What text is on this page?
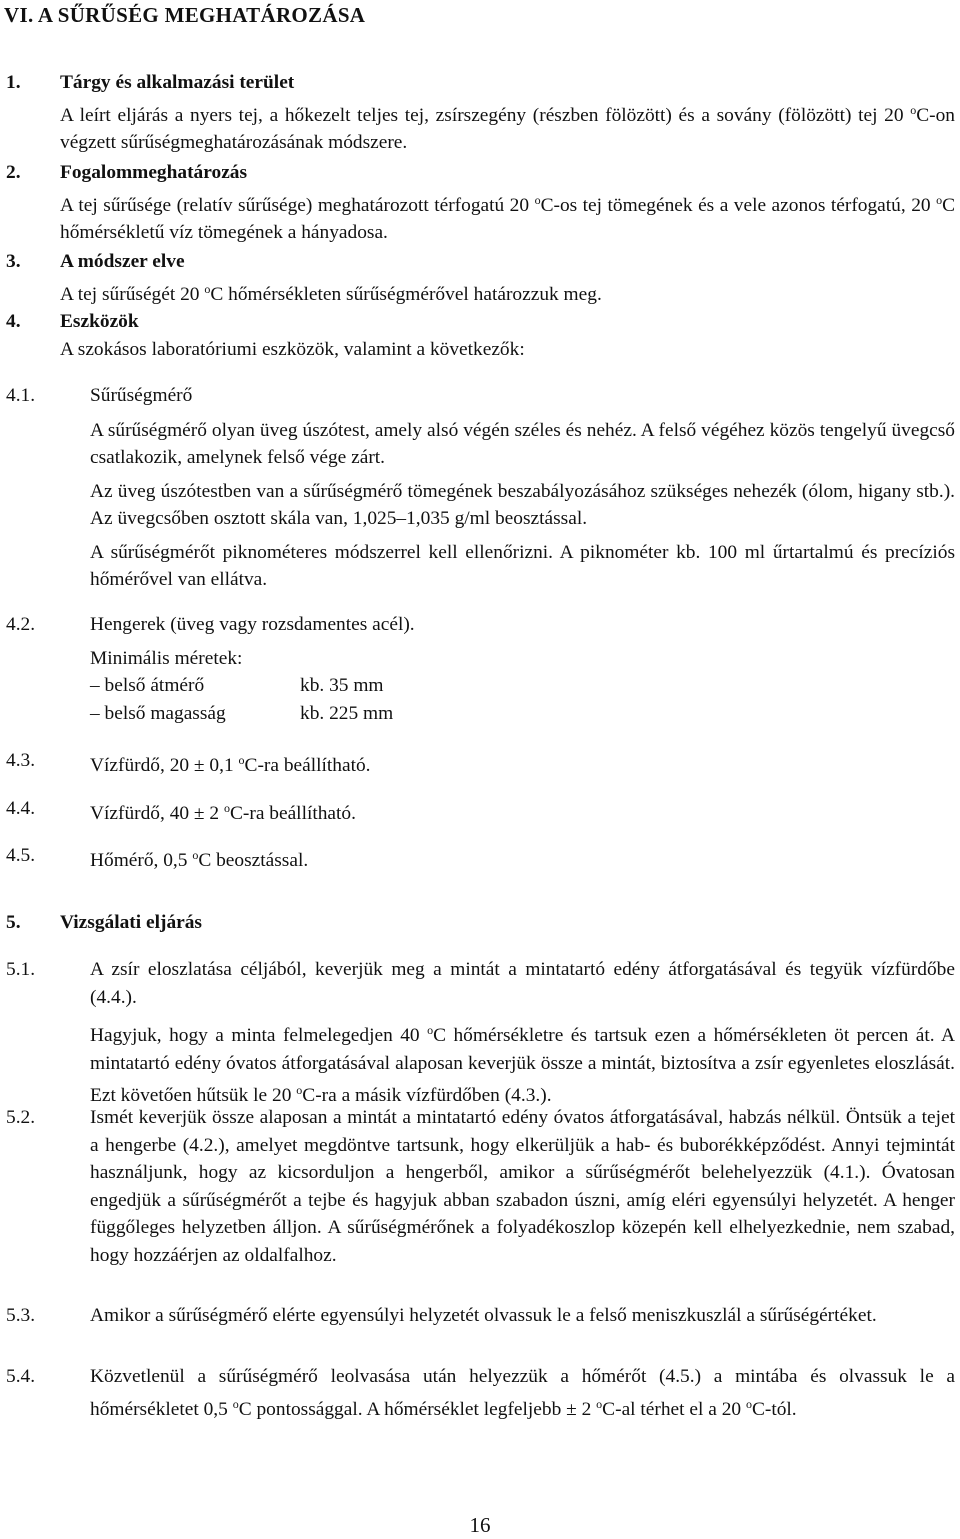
VI. A SŰRŰSÉG MEGHATÁROZÁSA
1. Tárgy és alkalmazási terület
A leírt eljárás a nyers tej, a hőkezelt teljes tej, zsírszegény (részben fölözött) és a sovány (fölözött) tej 20 $^o$C-on végzett sűrűségmeghatározásának módszere.
2. Fogalommeghatározás
A tej sűrűsége (relatív sűrűsége) meghatározott térfogatú 20 $^o$C-os tej tömegének és a vele azonos térfogatú, 20 $^o$C hőmérsékletű víz tömegének a hányadosa.
3. A módszer elve
A tej sűrűségét 20 $^o$C hőmérsékleten sűrűségmérővel határozzuk meg.
4. Eszközök
A szokásos laboratóriumi eszközök, valamint a következők:
4.1.	Sűrűségmérő
A sűrűségmérő olyan üveg úszótest, amely alsó végén széles és nehéz. A felső végéhez közös tengelyű üvegcső csatlakozik, amelynek felső vége zárt.
Az üveg úszótestben van a sűrűségmérő tömegének beszabályozásához szükséges nehezék (ólom, higany stb.). Az üvegcsőben osztott skála van, 1,025–1,035 g/ml beosztással.
A sűrűségmérőt piknométeres módszerrel kell ellenőrizni. A piknométer kb. 100 ml űrtartalmú és precíziós hőmérővel van ellátva.
4.2.	Hengerek (üveg vagy rozsdamentes acél).
Minimális méretek:
– belső átmérő	kb. 35 mm
– belső magasság	kb. 225 mm
4.3.	Vízfürdő, 20 ± 0,1 $^o$C-ra beállítható.
4.4.	Vízfürdő, 40 ± 2 $^o$C-ra beállítható.
4.5.	Hőmérő, 0,5 $^o$C beosztással.
5. Vizsgálati eljárás
5.1.	A zsír eloszlatása céljából, keverjük meg a mintát a mintatartó edény átforgatásával és tegyük vízfürdőbe (4.4.).
Hagyjuk, hogy a minta felmelegedjen 40 $^o$C hőmérsékletre és tartsuk ezen a hőmérsékleten öt percen át. A mintatartó edény óvatos átforgatásával alaposan keverjük össze a mintát, biztosítva a zsír egyenletes eloszlását. Ezt követően hűtsük le 20 $^o$C-ra a másik vízfürdőben (4.3.).
5.2.	Ismét keverjük össze alaposan a mintát a mintatartó edény óvatos átforgatásával, habzás nélkül. Öntsük a tejet a hengerbe (4.2.), amelyet megdöntve tartsunk, hogy elkerüljük a hab- és buborékképződést. Annyi tejmintát használjunk, hogy az kicsorduljon a hengerből, amikor a sűrűségmérőt belehelyezzük (4.1.). Óvatosan engedjük a sűrűségmérőt a tejbe és hagyjuk abban szabadon úszni, amíg eléri egyensúlyi helyzetét. A henger függőleges helyzetben álljon. A sűrűségmérőnek a folyadékoszlop közepén kell elhelyezkednie, nem szabad, hogy hozzáérjen az oldalfalhoz.
5.3.	Amikor a sűrűségmérő elérte egyensúlyi helyzetét olvassuk le a felső meniszkuszlál a sűrűségértéket.
5.4.	Közvetlenül a sűrűségmérő leolvasása után helyezzük a hőmérőt (4.5.) a mintába és olvassuk le a hőmérsékletet 0,5 $^o$C pontossággal. A hőmérséklet legfeljebb ± 2 $^o$C-al térhet el a 20 $^o$C-tól.
16
